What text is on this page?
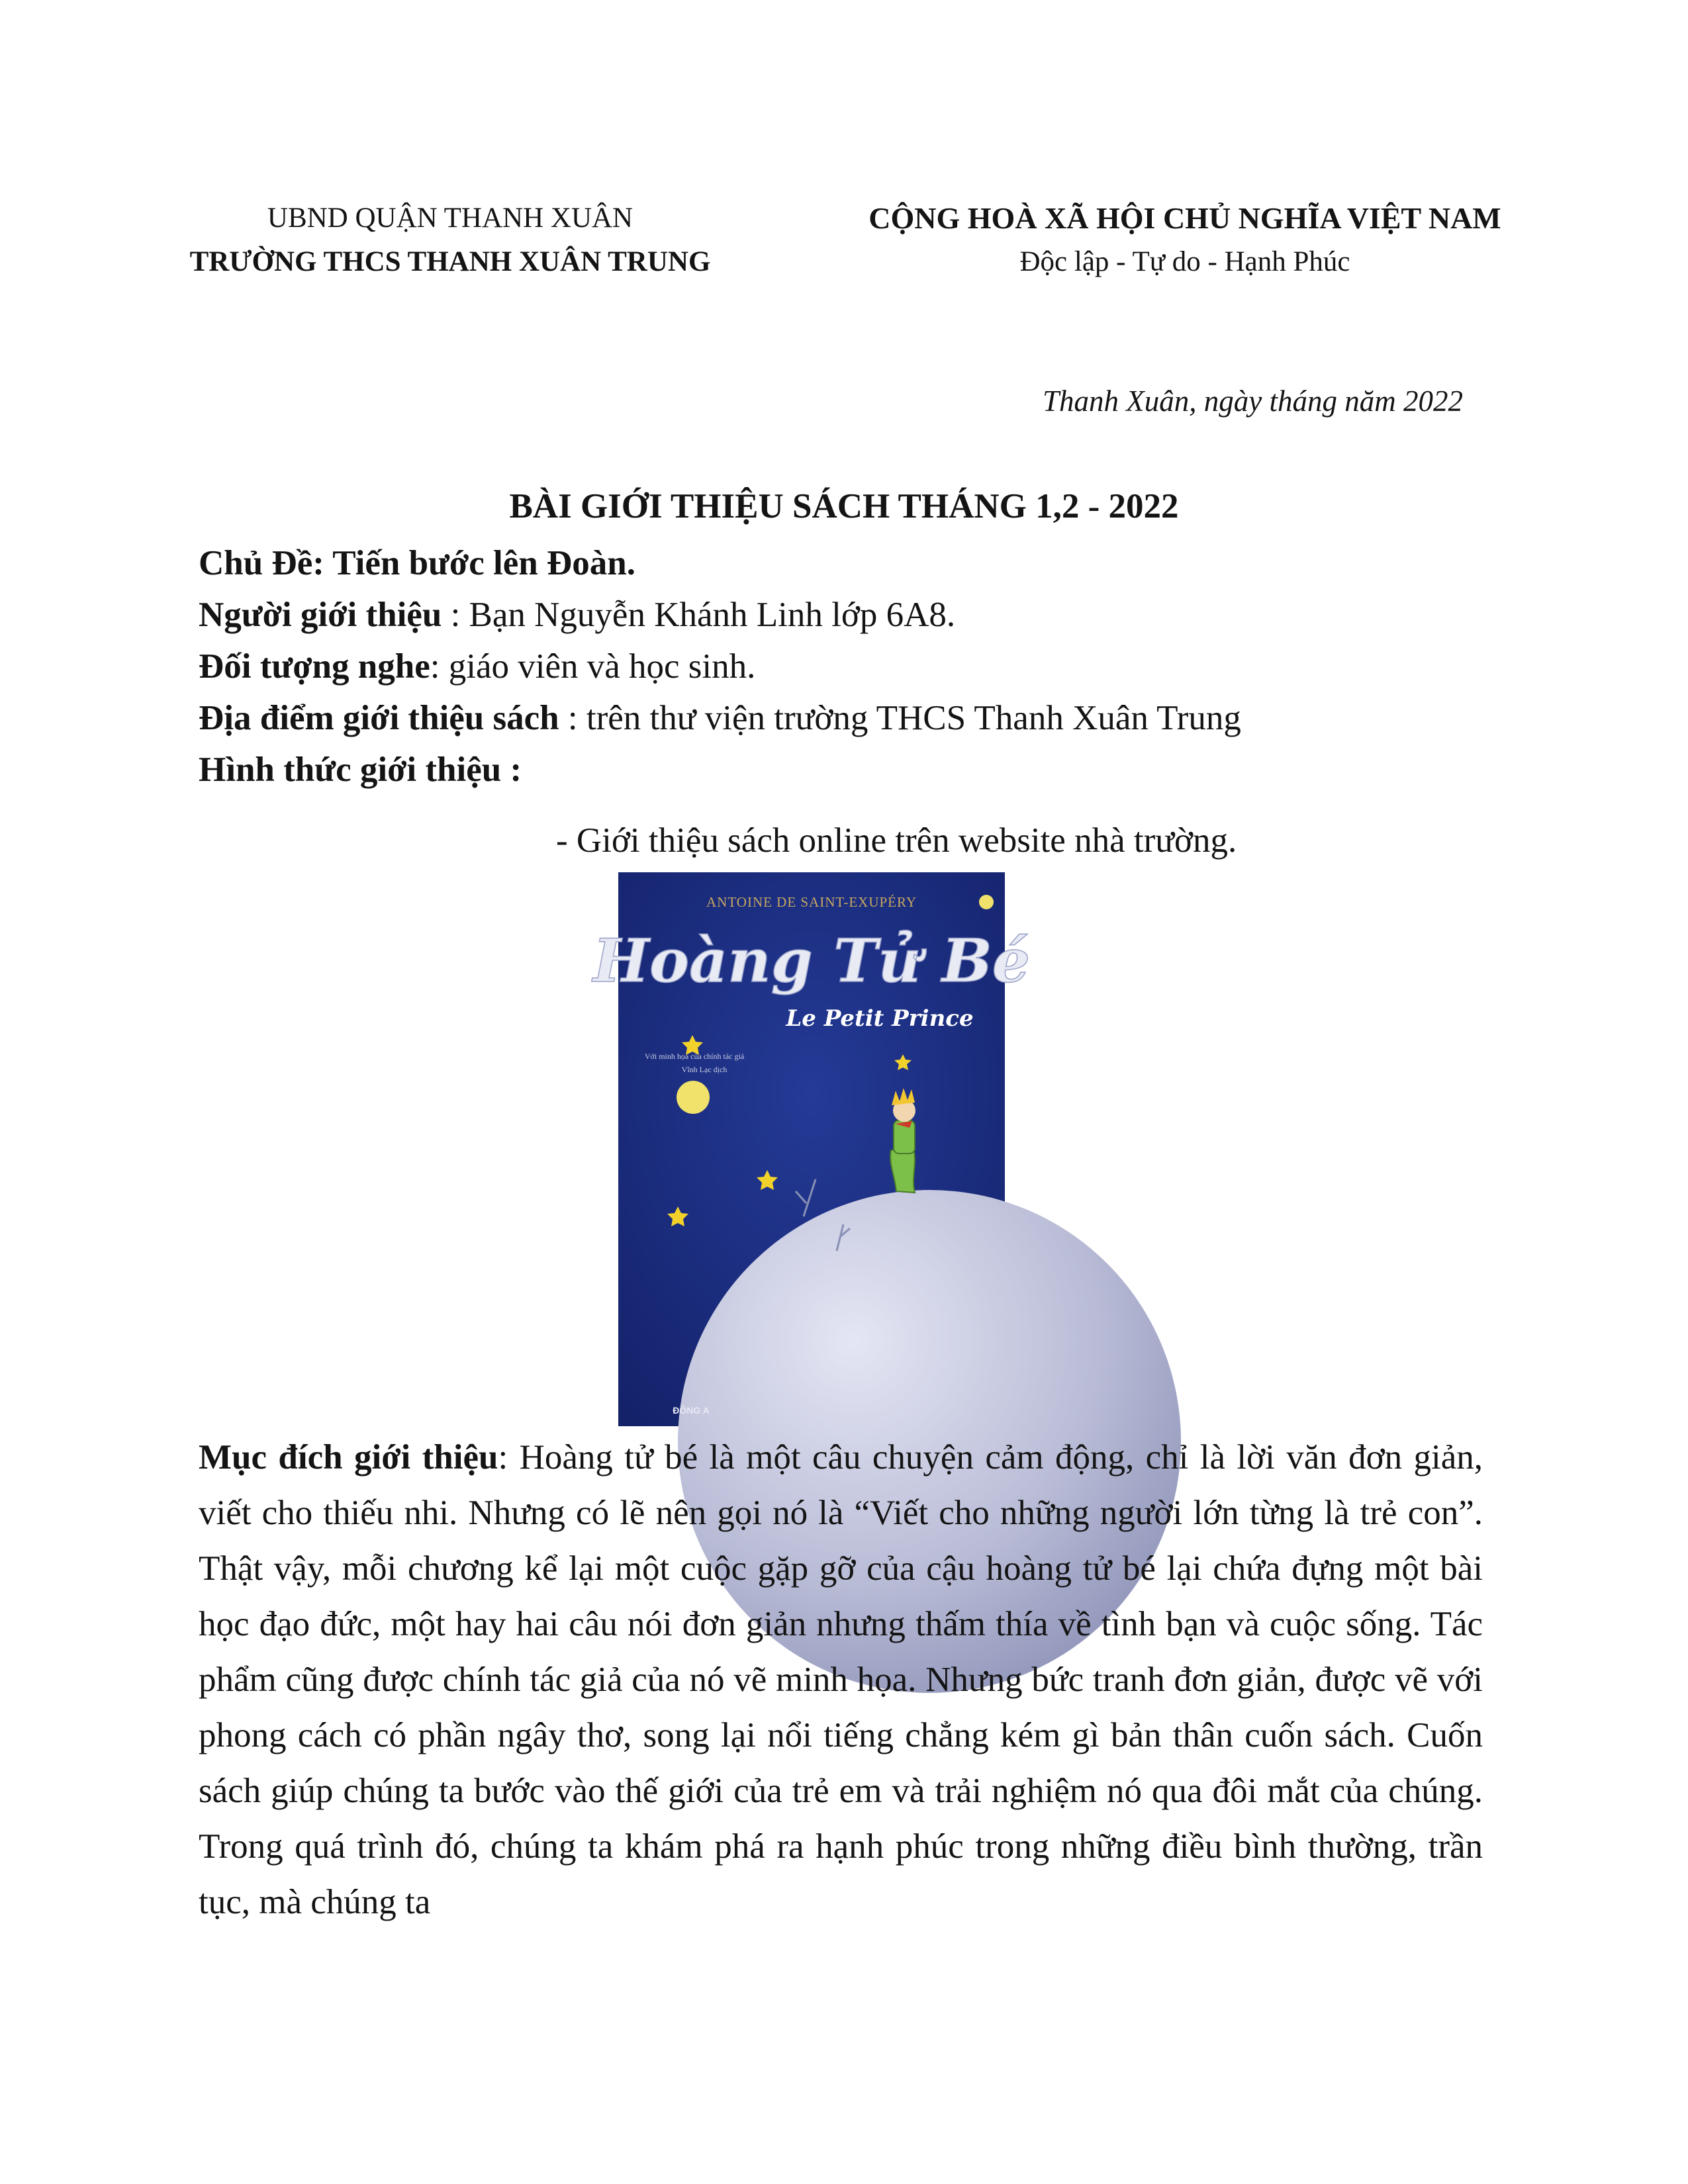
UBND QUẬN THANH XUÂN
TRƯỜNG THCS THANH XUÂN TRUNG
CỘNG HOÀ XÃ HỘI CHỦ NGHĨA VIỆT NAM
Độc lập - Tự do - Hạnh Phúc
Thanh Xuân, ngày tháng năm 2022
BÀI GIỚI THIỆU SÁCH THÁNG 1,2 - 2022
Chủ Đề: Tiến bước lên Đoàn.
Người giới thiệu : Bạn Nguyễn Khánh Linh lớp 6A8.
Đối tượng nghe: giáo viên và học sinh.
Địa điểm giới thiệu sách : trên thư viện trường THCS Thanh Xuân Trung
Hình thức giới thiệu :
- Giới thiệu sách online trên website nhà trường.
ANTOINE DE SAINT-EXUPÉRY
Hoàng Tử Bé
Le Petit Prince
Với minh họa của chính tác giả
Vĩnh Lạc dịch
ĐÔNG A
Mục đích giới thiệu: Hoàng tử bé là một câu chuyện cảm động, chỉ là lời văn đơn giản, viết cho thiếu nhi. Nhưng có lẽ nên gọi nó là “Viết cho những người lớn từng là trẻ con”. Thật vậy, mỗi chương kể lại một cuộc gặp gỡ của cậu hoàng tử bé lại chứa đựng một bài học đạo đức, một hay hai câu nói đơn giản nhưng thấm thía về tình bạn và cuộc sống. Tác phẩm cũng được chính tác giả của nó vẽ minh họa. Nhưng bức tranh đơn giản, được vẽ với phong cách có phần ngây thơ, song lại nổi tiếng chẳng kém gì bản thân cuốn sách. Cuốn sách giúp chúng ta bước vào thế giới của trẻ em và trải nghiệm nó qua đôi mắt của chúng. Trong quá trình đó, chúng ta khám phá ra hạnh phúc trong những điều bình thường, trần tục, mà chúng ta
